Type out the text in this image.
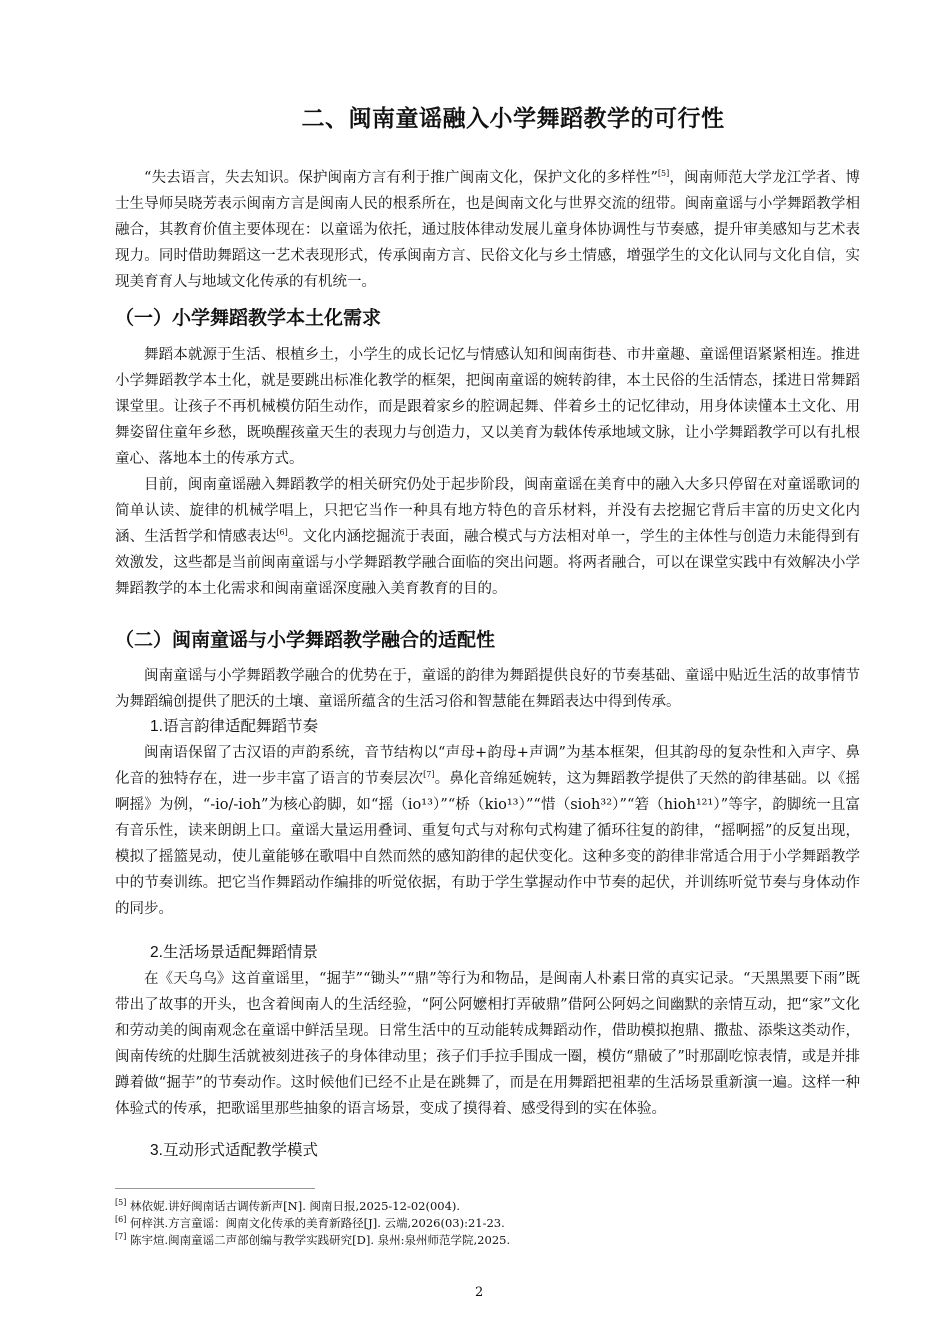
二、闽南童谣融入小学舞蹈教学的可行性

“失去语言，失去知识。保护闽南方言有利于推广闽南文化，保护文化的多样性”[5]，闽南师范大学龙江学者、博士生导师吴晓芳表示闽南方言是闽南人民的根系所在，也是闽南文化与世界交流的纽带。闽南童谣与小学舞蹈教学相融合，其教育价值主要体现在：以童谣为依托，通过肢体律动发展儿童身体协调性与节奏感，提升审美感知与艺术表现力。同时借助舞蹈这一艺术表现形式，传承闽南方言、民俗文化与乡土情感，增强学生的文化认同与文化自信，实现美育育人与地域文化传承的有机统一。

（一）小学舞蹈教学本土化需求

舞蹈本就源于生活、根植乡土，小学生的成长记忆与情感认知和闽南街巷、市井童趣、童谣俚语紧紧相连。推进小学舞蹈教学本土化，就是要跳出标准化教学的框架，把闽南童谣的婉转韵律，本土民俗的生活情态，揉进日常舞蹈课堂里。让孩子不再机械模仿陌生动作，而是跟着家乡的腔调起舞、伴着乡土的记忆律动，用身体读懂本土文化、用舞姿留住童年乡愁，既唤醒孩童天生的表现力与创造力，又以美育为载体传承地域文脉，让小学舞蹈教学可以有扎根童心、落地本土的传承方式。

目前，闽南童谣融入舞蹈教学的相关研究仍处于起步阶段，闽南童谣在美育中的融入大多只停留在对童谣歌词的简单认读、旋律的机械学唱上，只把它当作一种具有地方特色的音乐材料，并没有去挖掘它背后丰富的历史文化内涵、生活哲学和情感表达[6]。文化内涵挖掘流于表面，融合模式与方法相对单一，学生的主体性与创造力未能得到有效激发，这些都是当前闽南童谣与小学舞蹈教学融合面临的突出问题。将两者融合，可以在课堂实践中有效解决小学舞蹈教学的本土化需求和闽南童谣深度融入美育教育的目的。

（二）闽南童谣与小学舞蹈教学融合的适配性

闽南童谣与小学舞蹈教学融合的优势在于，童谣的韵律为舞蹈提供良好的节奏基础、童谣中贴近生活的故事情节为舞蹈编创提供了肥沃的土壤、童谣所蕴含的生活习俗和智慧能在舞蹈表达中得到传承。

1.语言韵律适配舞蹈节奏

闽南语保留了古汉语的声韵系统，音节结构以“声母+韵母+声调”为基本框架，但其韵母的复杂性和入声字、鼻化音的独特存在，进一步丰富了语言的节奏层次[7]。鼻化音绵延婉转，这为舞蹈教学提供了天然的韵律基础。以《摇啊摇》为例，“-io/-ioh”为核心韵脚，如“摇（io¹³）”“桥（kio¹³）”“惜（sioh³²）”“箬（hioh¹²¹）”等字，韵脚统一且富有音乐性，读来朗朗上口。童谣大量运用叠词、重复句式与对称句式构建了循环往复的韵律，“摇啊摇”的反复出现，模拟了摇篮晃动，使儿童能够在歌唱中自然而然的感知韵律的起伏变化。这种多变的韵律非常适合用于小学舞蹈教学中的节奏训练。把它当作舞蹈动作编排的听觉依据，有助于学生掌握动作中节奏的起伏，并训练听觉节奏与身体动作的同步。

2.生活场景适配舞蹈情景

在《天乌乌》这首童谣里，“掘芋”“锄头”“鼎”等行为和物品，是闽南人朴素日常的真实记录。“天黑黑要下雨”既带出了故事的开头，也含着闽南人的生活经验，“阿公阿嬷相打弄破鼎”借阿公阿妈之间幽默的亲情互动，把“家”文化和劳动美的闽南观念在童谣中鲜活呈现。日常生活中的互动能转成舞蹈动作，借助模拟抱鼎、撒盐、添柴这类动作，闽南传统的灶脚生活就被刻进孩子的身体律动里；孩子们手拉手围成一圈，模仿“鼎破了”时那副吃惊表情，或是并排蹲着做“掘芋”的节奏动作。这时候他们已经不止是在跳舞了，而是在用舞蹈把祖辈的生活场景重新演一遍。这样一种体验式的传承，把歌谣里那些抽象的语言场景，变成了摸得着、感受得到的实在体验。

3.互动形式适配教学模式
[5] 林依妮.讲好闽南话古调传新声[N]. 闽南日报,2025-12-02(004).
[6] 何梓淇.方言童谣：闽南文化传承的美育新路径[J]. 云端,2026(03):21-23.
[7] 陈宇煊.闽南童谣二声部创编与教学实践研究[D]. 泉州:泉州师范学院,2025.
2
